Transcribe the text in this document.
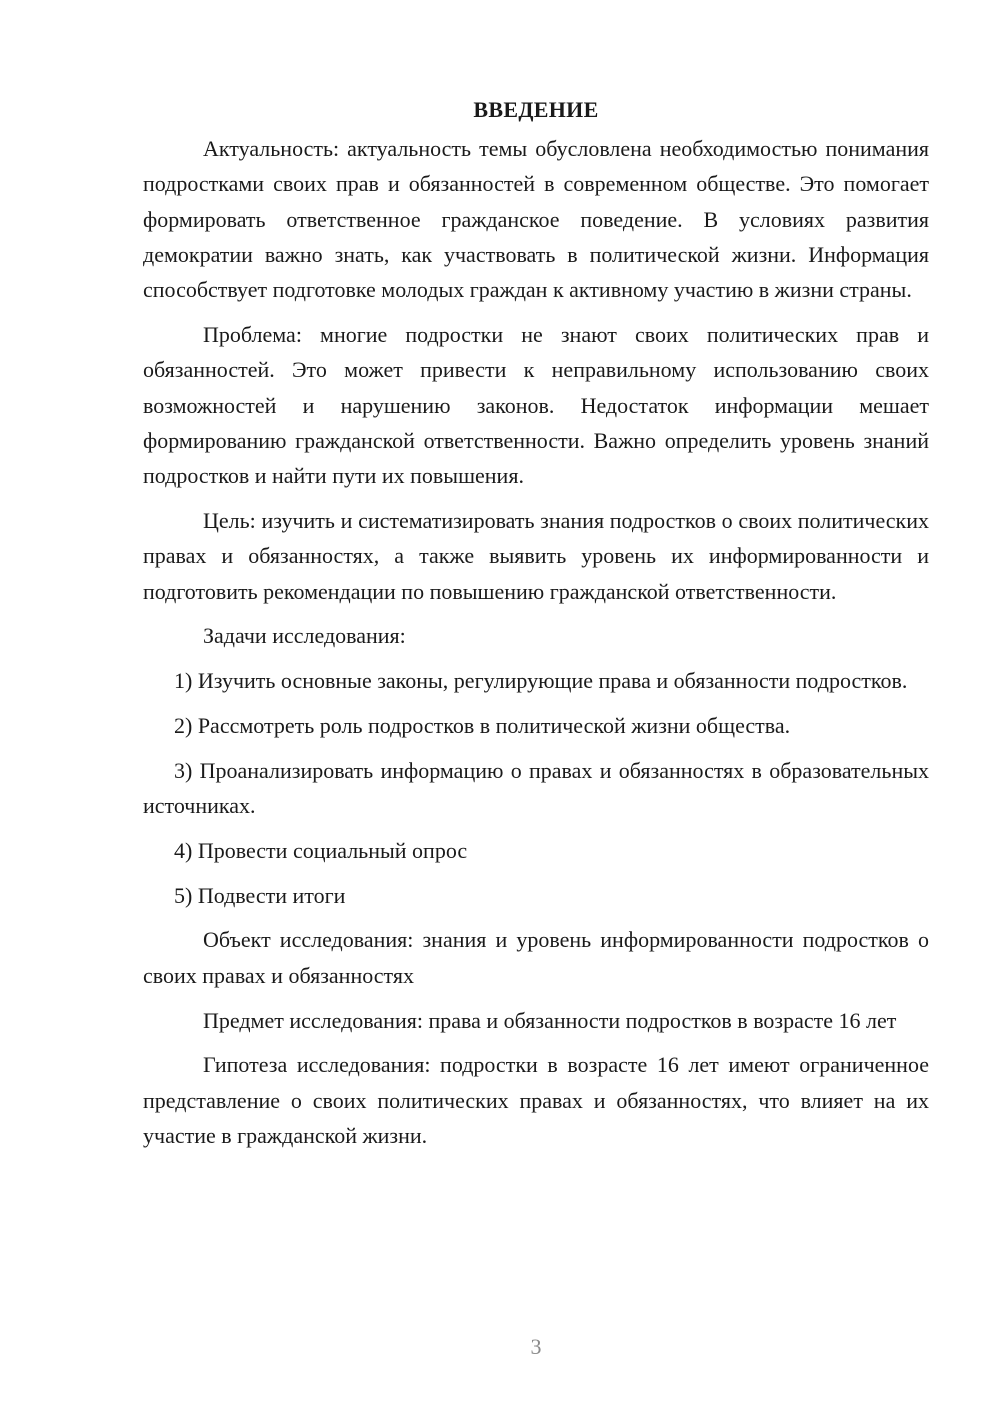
ВВЕДЕНИЕ

Актуальность: актуальность темы обусловлена необходимостью понимания подростками своих прав и обязанностей в современном обществе. Это помогает формировать ответственное гражданское поведение. В условиях развития демократии важно знать, как участвовать в политической жизни. Информация способствует подготовке молодых граждан к активному участию в жизни страны.

Проблема: многие подростки не знают своих политических прав и обязанностей. Это может привести к неправильному использованию своих возможностей и нарушению законов. Недостаток информации мешает формированию гражданской ответственности. Важно определить уровень знаний подростков и найти пути их повышения.

Цель: изучить и систематизировать знания подростков о своих политических правах и обязанностях, а также выявить уровень их информированности и подготовить рекомендации по повышению гражданской ответственности.

Задачи исследования:

1) Изучить основные законы, регулирующие права и обязанности подростков.

2) Рассмотреть роль подростков в политической жизни общества.

3) Проанализировать информацию о правах и обязанностях в образовательных источниках.

4) Провести социальный опрос

5) Подвести итоги

Объект исследования: знания и уровень информированности подростков о своих правах и обязанностях

Предмет исследования: права и обязанности подростков в возрасте 16 лет

Гипотеза исследования: подростки в возрасте 16 лет имеют ограниченное представление о своих политических правах и обязанностях, что влияет на их участие в гражданской жизни.

3
